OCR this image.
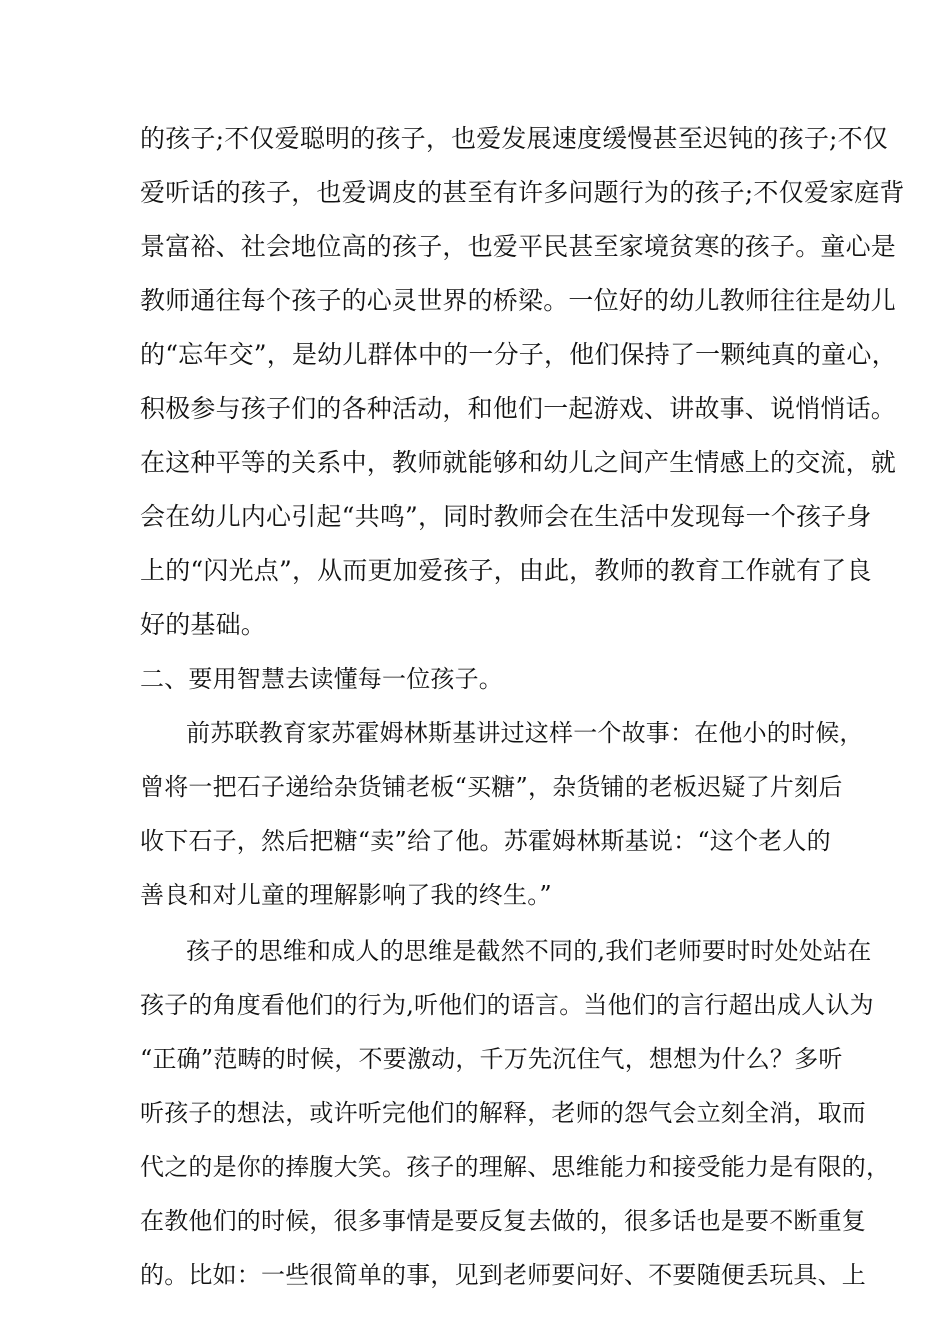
的孩子;不仅爱聪明的孩子，也爱发展速度缓慢甚至迟钝的孩子;不仅
爱听话的孩子，也爱调皮的甚至有许多问题行为的孩子;不仅爱家庭背
景富裕、社会地位高的孩子，也爱平民甚至家境贫寒的孩子。童心是
教师通往每个孩子的心灵世界的桥梁。一位好的幼儿教师往往是幼儿
的“忘年交”，是幼儿群体中的一分子，他们保持了一颗纯真的童心，
积极参与孩子们的各种活动，和他们一起游戏、讲故事、说悄悄话。
在这种平等的关系中，教师就能够和幼儿之间产生情感上的交流，就
会在幼儿内心引起“共鸣”，同时教师会在生活中发现每一个孩子身
上的“闪光点”，从而更加爱孩子，由此，教师的教育工作就有了良
好的基础。
二、要用智慧去读懂每一位孩子。
前苏联教育家苏霍姆林斯基讲过这样一个故事：在他小的时候，
曾将一把石子递给杂货铺老板“买糖”，杂货铺的老板迟疑了片刻后
收下石子，然后把糖“卖”给了他。苏霍姆林斯基说：“这个老人的
善良和对儿童的理解影响了我的终生。”
孩子的思维和成人的思维是截然不同的,我们老师要时时处处站在
孩子的角度看他们的行为,听他们的语言。当他们的言行超出成人认为
“正确”范畴的时候，不要激动，千万先沉住气，想想为什么？多听
听孩子的想法，或许听完他们的解释，老师的怨气会立刻全消，取而
代之的是你的捧腹大笑。孩子的理解、思维能力和接受能力是有限的，
在教他们的时候，很多事情是要反复去做的，很多话也是要不断重复
的。比如：一些很简单的事，见到老师要问好、不要随便丢玩具、上
